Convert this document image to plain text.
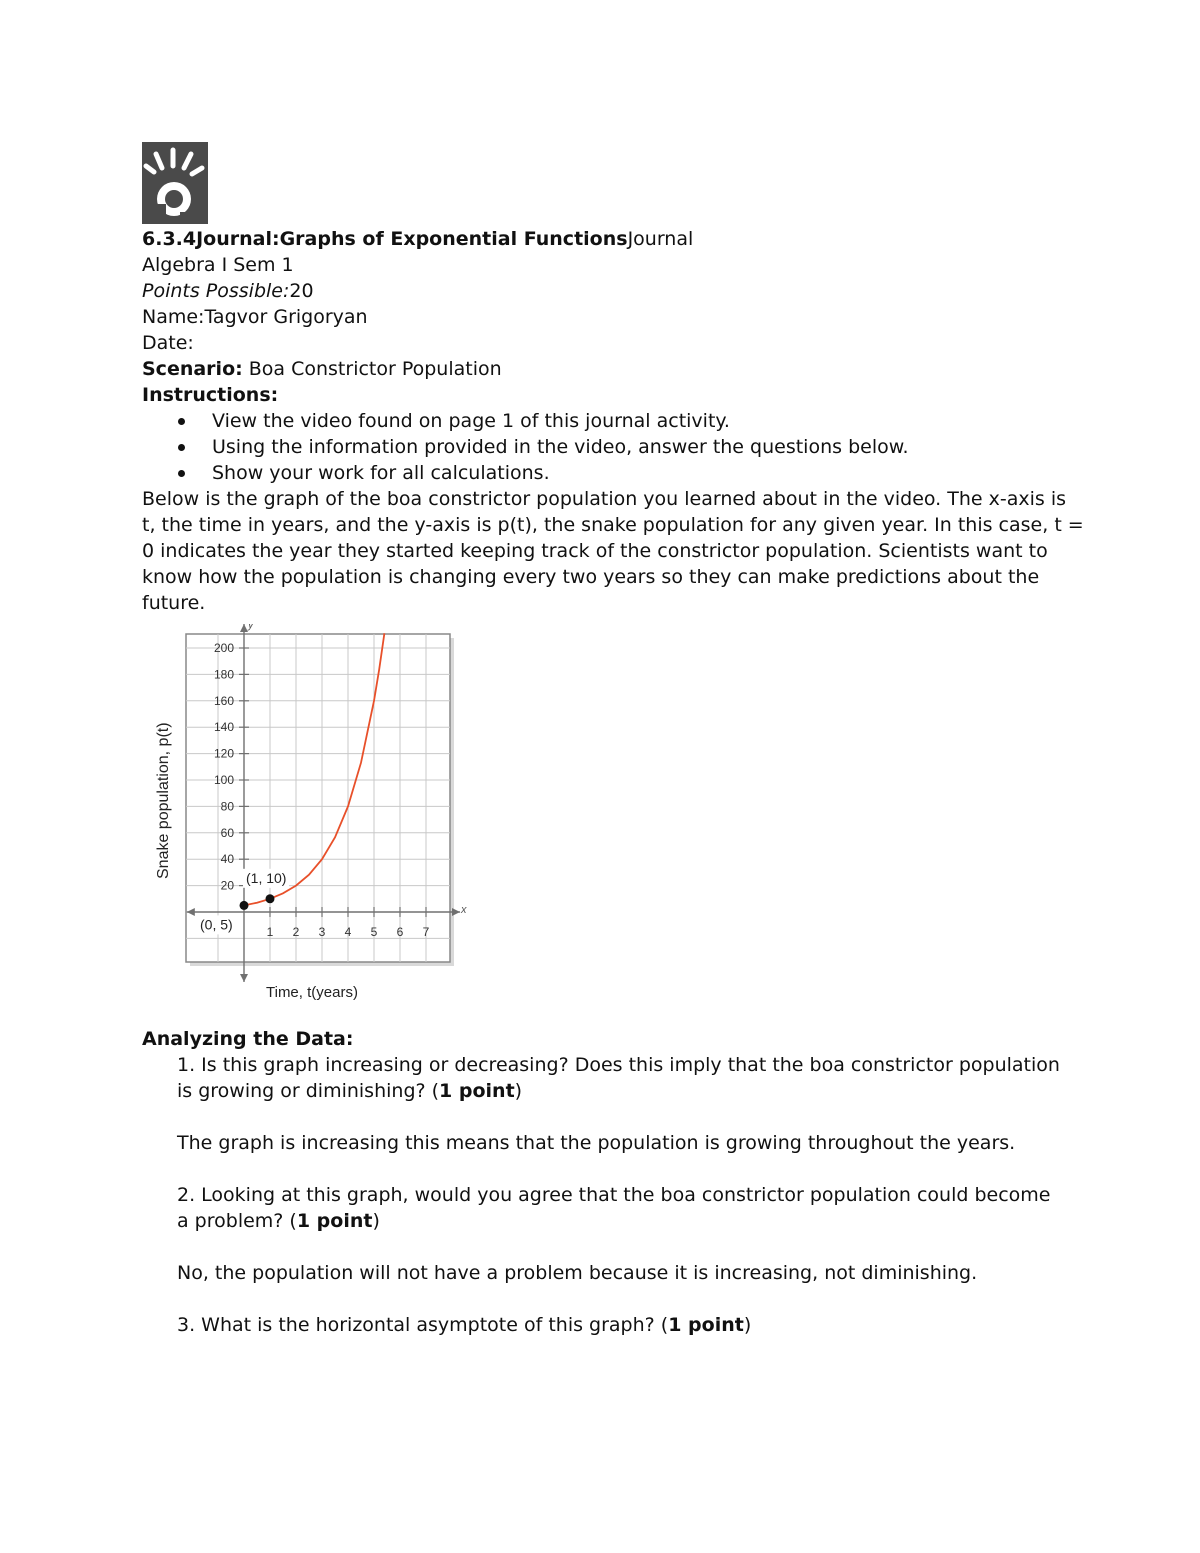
6.3.4Journal:Graphs of Exponential FunctionsJournal
Algebra I Sem 1
Points Possible:20
Name:Tagvor Grigoryan
Date:
Scenario: Boa Constrictor Population
Instructions:
View the video found on page 1 of this journal activity.
Using the information provided in the video, answer the questions below.
Show your work for all calculations.

Below is the graph of the boa constrictor population you learned about in the video. The x-axis is
t, the time in years, and the y-axis is p(t), the snake population for any given year. In this case, t =
0 indicates the year they started keeping track of the constrictor population. Scientists want to
know how the population is changing every two years so they can make predictions about the
future.

1 2 3 4 5 6 7
20
40
60
80
100
120
140
160
180
200
(0, 5)
(1, 10)
x
y
Time, t(years)
Snake population, p(t)
Analyzing the Data:
1. Is this graph increasing or decreasing? Does this imply that the boa constrictor population
is growing or diminishing? (1 point)
The graph is increasing this means that the population is growing throughout the years.
2. Looking at this graph, would you agree that the boa constrictor population could become
a problem? (1 point)
No, the population will not have a problem because it is increasing, not diminishing.
3. What is the horizontal asymptote of this graph? (1 point)
